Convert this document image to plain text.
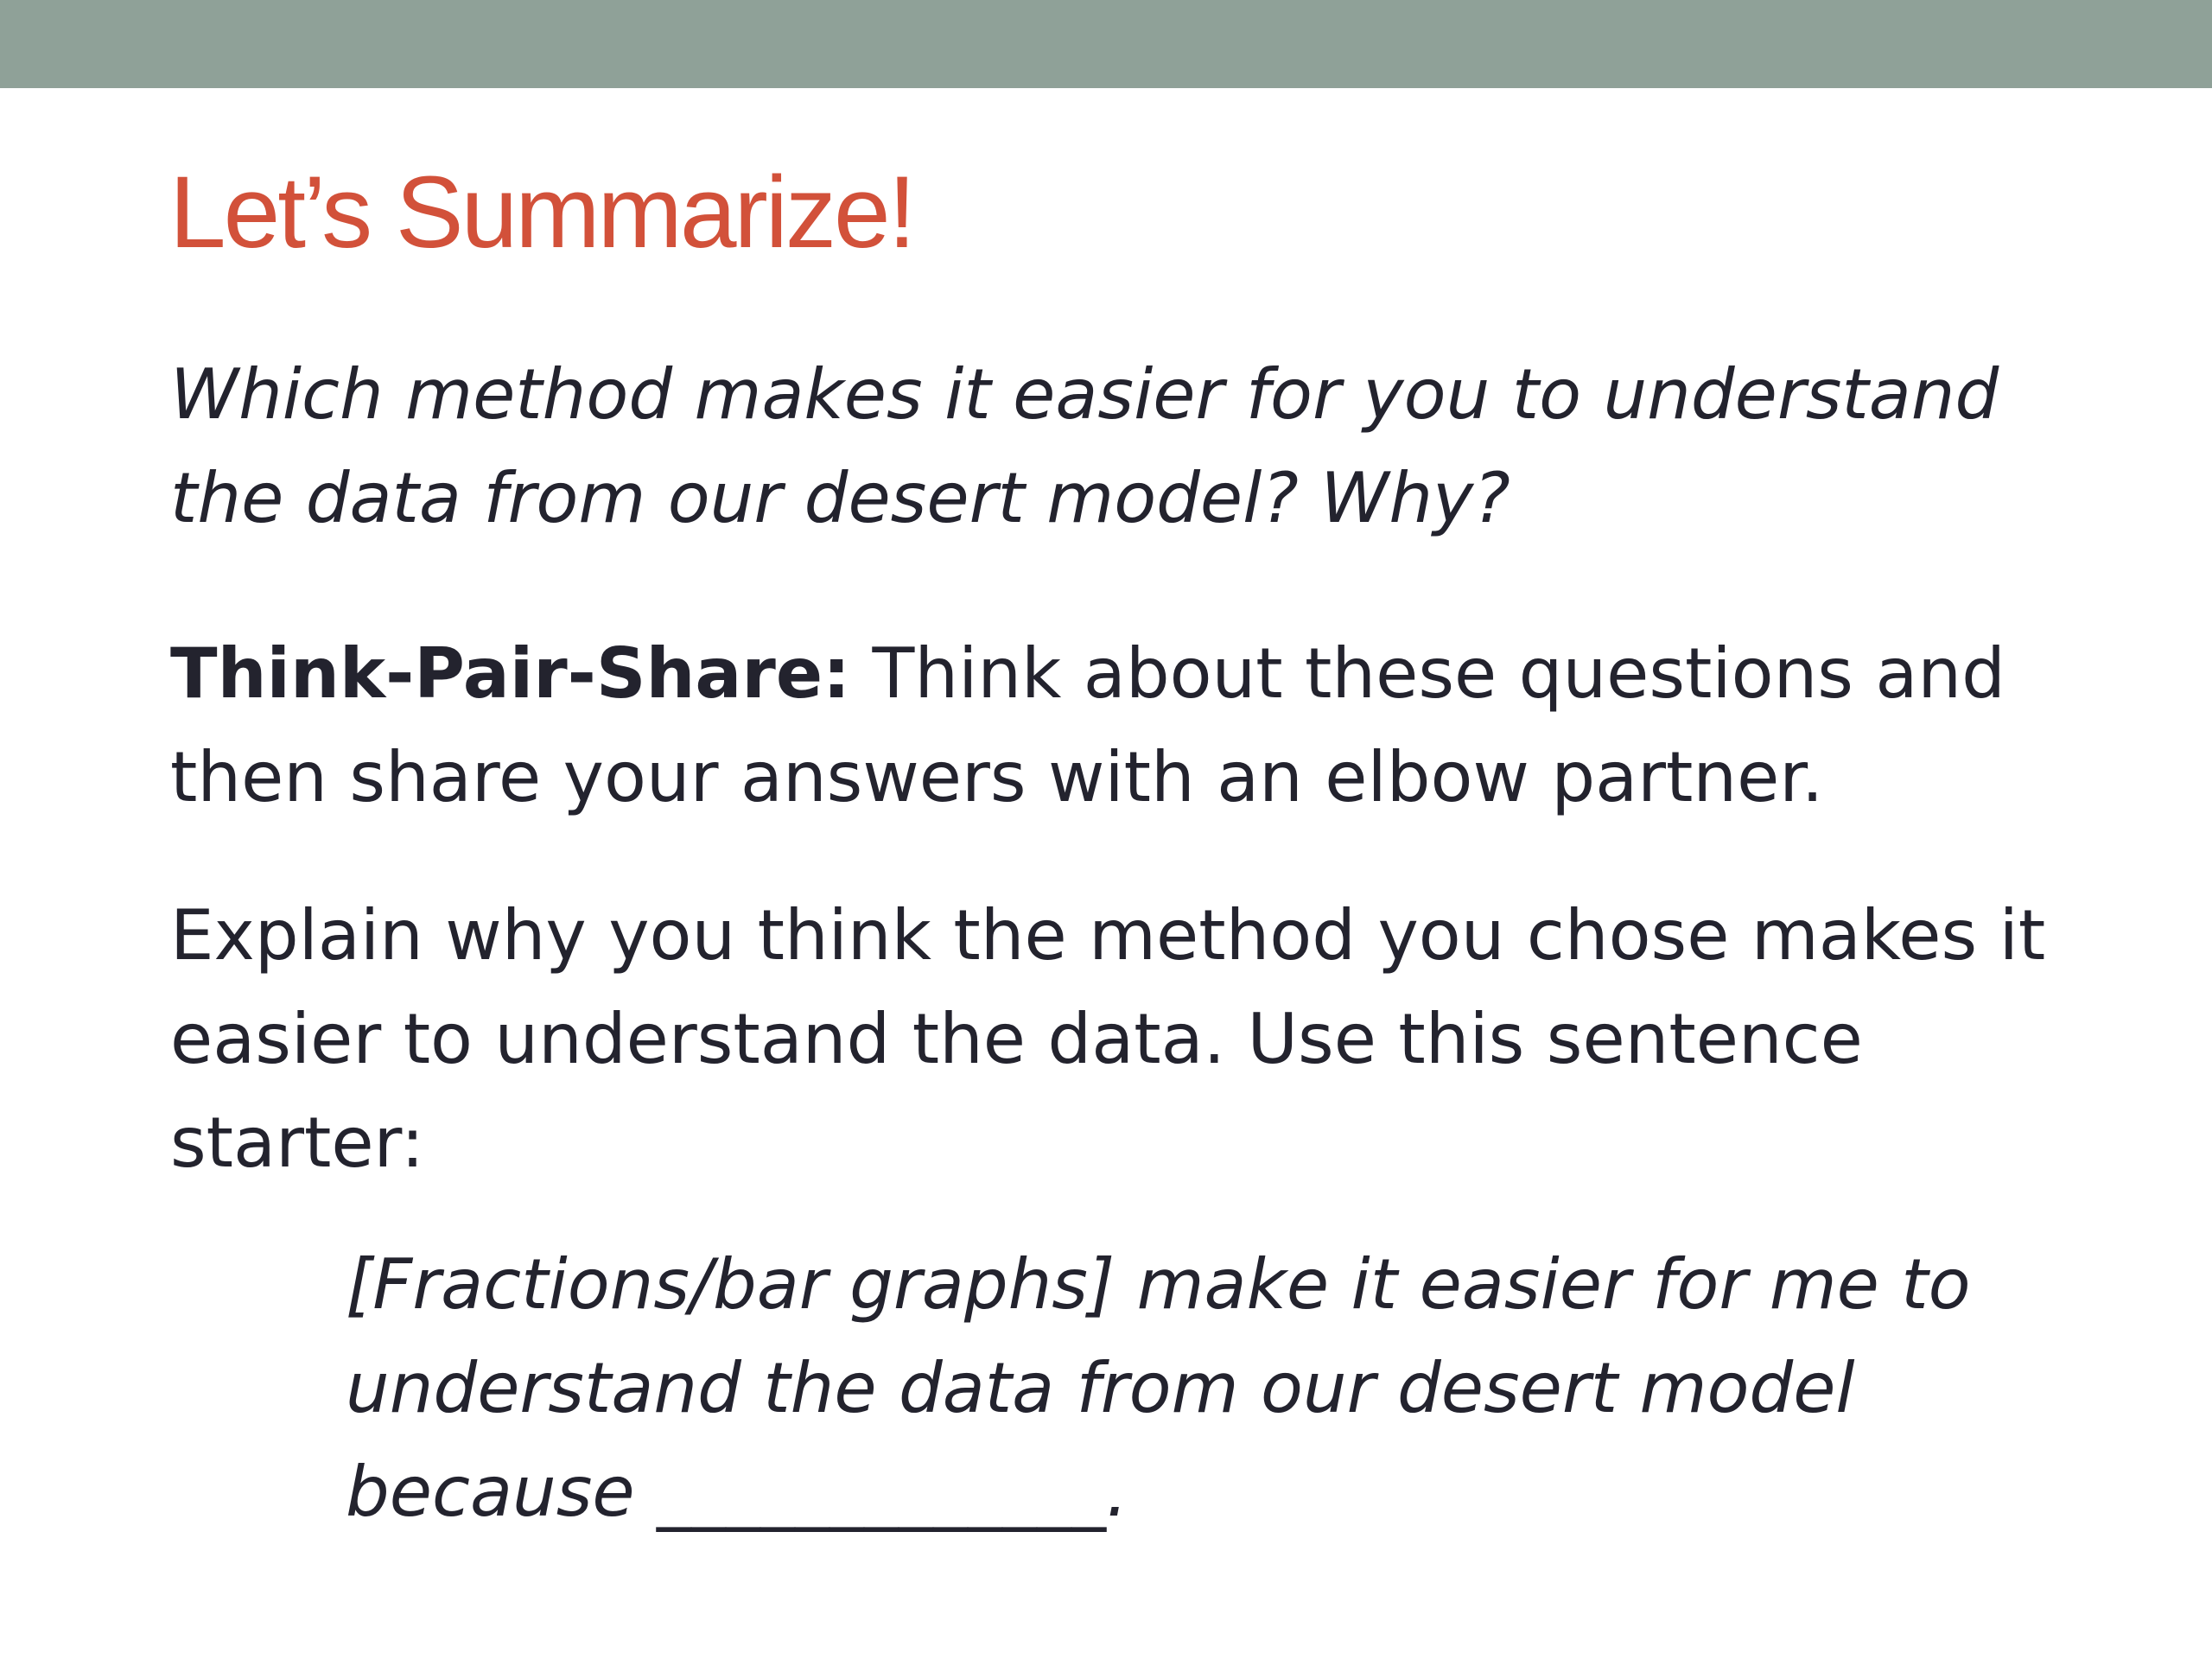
Let’s Summarize!

Which method makes it easier for you to understand
the data from our desert model? Why?

Think-Pair-Share: Think about these questions and
then share your answers with an elbow partner.

Explain why you think the method you chose makes it
easier to understand the data. Use this sentence
starter:

[Fractions/bar graphs] make it easier for me to
understand the data from our desert model
because _____________.
